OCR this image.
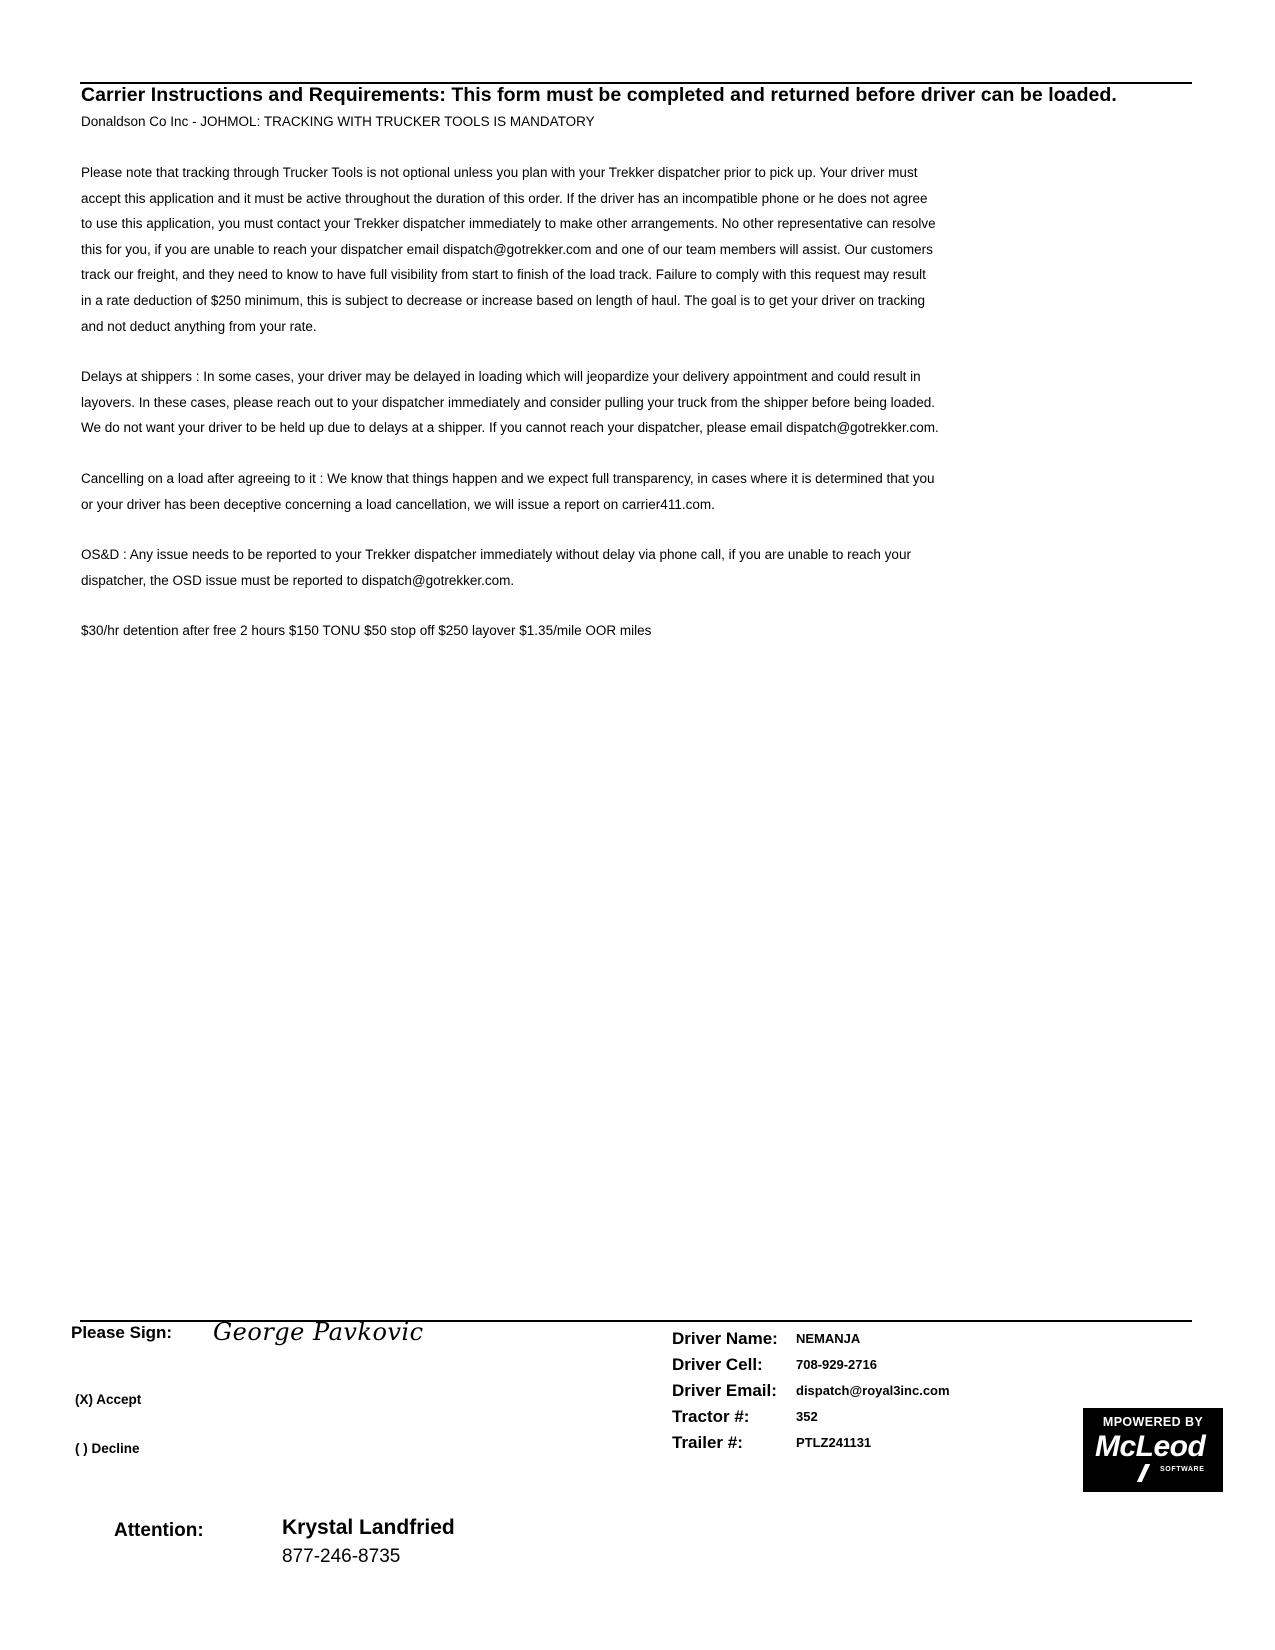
Carrier Instructions and Requirements: This form must be completed and returned before driver can be loaded.
Donaldson Co Inc - JOHMOL: TRACKING WITH TRUCKER TOOLS IS MANDATORY
Please note that tracking through Trucker Tools is not optional unless you plan with your Trekker dispatcher prior to pick up. Your driver must
accept this application and it must be active throughout the duration of this order. If the driver has an incompatible phone or he does not agree
to use this application, you must contact your Trekker dispatcher immediately to make other arrangements. No other representative can resolve
this for you, if you are unable to reach your dispatcher email dispatch@gotrekker.com and one of our team members will assist. Our customers
track our freight, and they need to know to have full visibility from start to finish of the load track. Failure to comply with this request may result
in a rate deduction of $250 minimum, this is subject to decrease or increase based on length of haul. The goal is to get your driver on tracking
and not deduct anything from your rate.
Delays at shippers : In some cases, your driver may be delayed in loading which will jeopardize your delivery appointment and could result in
layovers. In these cases, please reach out to your dispatcher immediately and consider pulling your truck from the shipper before being loaded.
We do not want your driver to be held up due to delays at a shipper. If you cannot reach your dispatcher, please email dispatch@gotrekker.com.
Cancelling on a load after agreeing to it : We know that things happen and we expect full transparency, in cases where it is determined that you
or your driver has been deceptive concerning a load cancellation, we will issue a report on carrier411.com.
OS&D : Any issue needs to be reported to your Trekker dispatcher immediately without delay via phone call, if you are unable to reach your
dispatcher, the OSD issue must be reported to dispatch@gotrekker.com.
$30/hr detention after free 2 hours $150 TONU $50 stop off $250 layover $1.35/mile OOR miles
Please Sign: George Pavkovic
(X) Accept
( ) Decline
Driver Name: NEMANJA
Driver Cell:	708-929-2716
Driver Email: dispatch@royal3inc.com
Tractor #:	352
Trailer #:	PTLZ241131
MPOWERED BY
McLeod
SOFTWARE
Attention:	Krystal Landfried
877-246-8735
